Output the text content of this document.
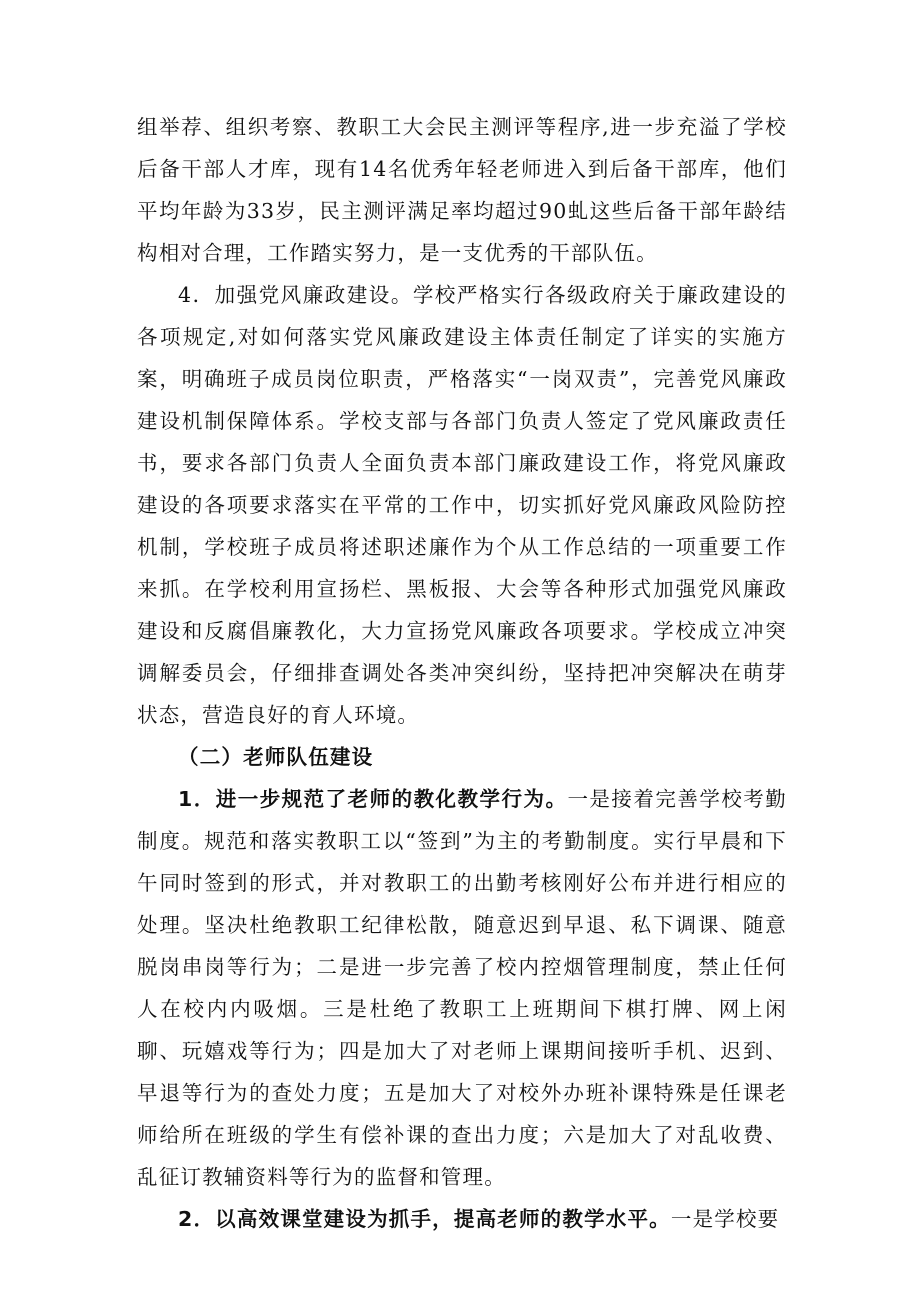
组举荐、组织考察、教职工大会民主测评等程序,进一步充溢了学校后备干部人才库，现有14名优秀年轻老师进入到后备干部库，他们平均年龄为33岁，民主测评满足率均超过90虬这些后备干部年龄结构相对合理，工作踏实努力，是一支优秀的干部队伍。

4．加强党风廉政建设。学校严格实行各级政府关于廉政建设的各项规定,对如何落实党风廉政建设主体责任制定了详实的实施方案，明确班子成员岗位职责，严格落实“一岗双责”，完善党风廉政建设机制保障体系。学校支部与各部门负责人签定了党风廉政责任书，要求各部门负责人全面负责本部门廉政建设工作，将党风廉政建设的各项要求落实在平常的工作中，切实抓好党风廉政风险防控机制，学校班子成员将述职述廉作为个从工作总结的一项重要工作来抓。在学校利用宣扬栏、黑板报、大会等各种形式加强党风廉政建设和反腐倡廉教化，大力宣扬党风廉政各项要求。学校成立冲突调解委员会，仔细排查调处各类冲突纠纷，坚持把冲突解决在萌芽状态，营造良好的育人环境。

（二）老师队伍建设

1．进一步规范了老师的教化教学行为。一是接着完善学校考勤制度。规范和落实教职工以“签到”为主的考勤制度。实行早晨和下午同时签到的形式，并对教职工的出勤考核刚好公布并进行相应的处理。坚决杜绝教职工纪律松散，随意迟到早退、私下调课、随意脱岗串岗等行为；二是进一步完善了校内控烟管理制度，禁止任何人在校内内吸烟。三是杜绝了教职工上班期间下棋打牌、网上闲聊、玩嬉戏等行为；四是加大了对老师上课期间接听手机、迟到、早退等行为的查处力度；五是加大了对校外办班补课特殊是任课老师给所在班级的学生有偿补课的查出力度；六是加大了对乱收费、乱征订教辅资料等行为的监督和管理。

2．以高效课堂建设为抓手，提高老师的教学水平。一是学校要
